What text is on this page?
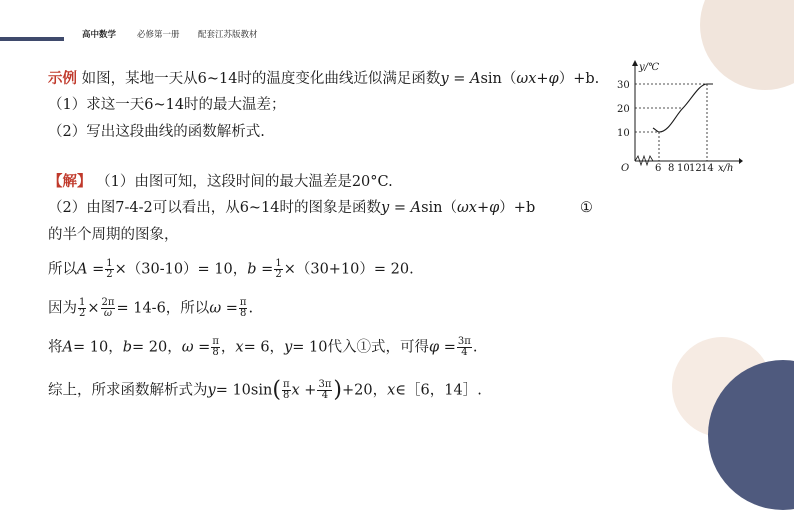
高中数学 必修第一册 配套江苏版教材
示例 如图，某地一天从6~14时的温度变化曲线近似满足函数y = Asin（ωx+φ）+b.
（1）求这一天6~14时的最大温差；
（2）写出这段曲线的函数解析式.
【解】 （1）由图可知，这段时间的最大温差是20°C.
（2）由图7-4-2可以看出，从6~14时的图象是函数y = Asin（ωx+φ）+b	①
的半个周期的图象，
所以$A = \frac{1}{2} \times(30-10)= 10$，$b = \frac{1}{2} \times(30+10)= 20$.
因为 $\frac{1}{2} \times \frac{2\pi}{\omega} = 14-6$，所以$\omega = \frac{\pi}{8}$ .
将A= 10，b= 20，$\omega = \frac{\pi}{8}$ ，x= 6，y= 10代入①式，可得$\varphi = \frac{3\pi}{4}$ .
综上，所求函数解析式为$y= 10\sin( \frac{\pi}{8}$ $x + \frac{3\pi}{4} )+20$，x∈［6，14］.
y/℃
30
20
10
O	6 8 10 12 14 x/h
